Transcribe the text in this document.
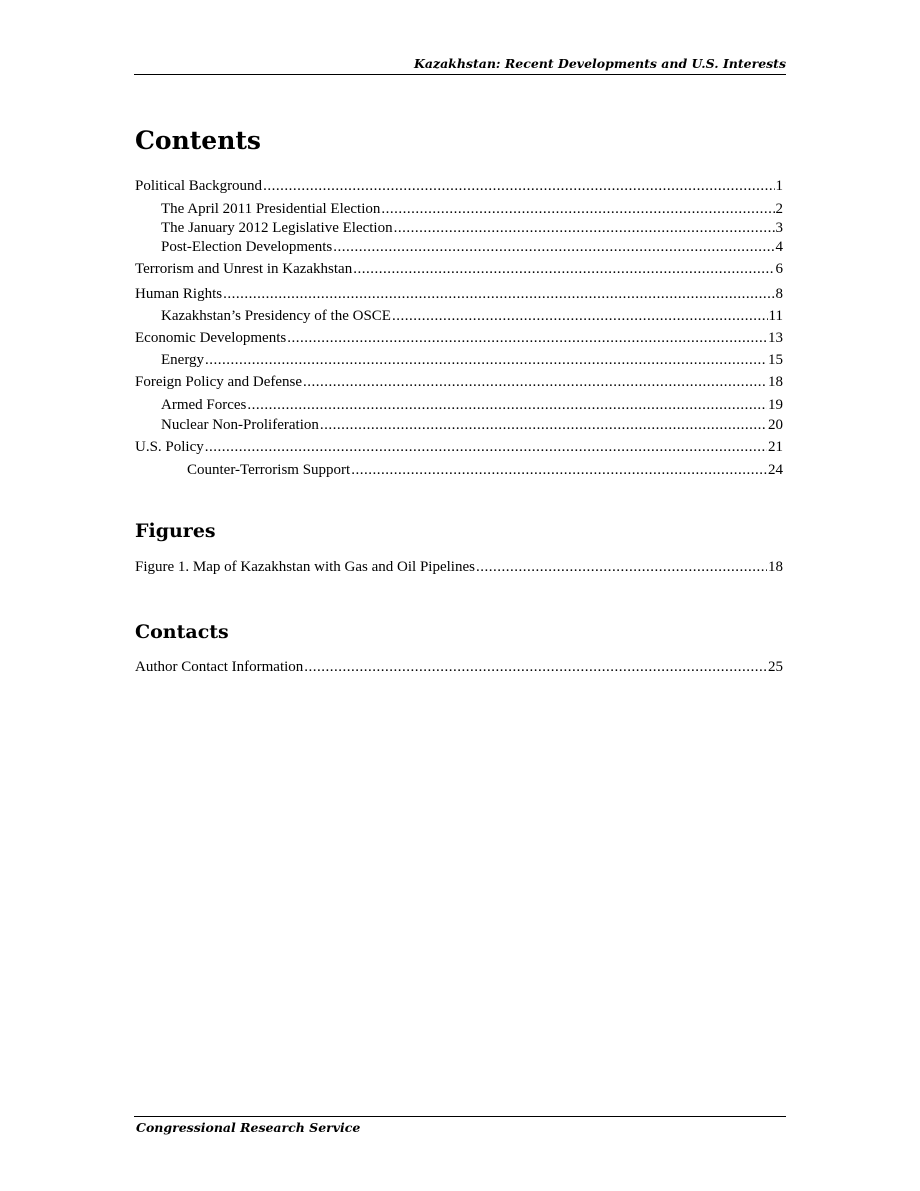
Kazakhstan: Recent Developments and U.S. Interests
Contents
Political Background .....	1
The April 2011 Presidential Election .....	2
The January 2012 Legislative Election .....	3
Post-Election Developments .....	4
Terrorism and Unrest in Kazakhstan .....	6
Human Rights .....	8
Kazakhstan’s Presidency of the OSCE .....	11
Economic Developments .....	13
Energy .....	15
Foreign Policy and Defense .....	18
Armed Forces .....	19
Nuclear Non-Proliferation .....	20
U.S. Policy .....	21
Counter-Terrorism Support .....	24
Figures
Figure 1. Map of Kazakhstan with Gas and Oil Pipelines .....	18
Contacts
Author Contact Information .....	25
Congressional Research Service
